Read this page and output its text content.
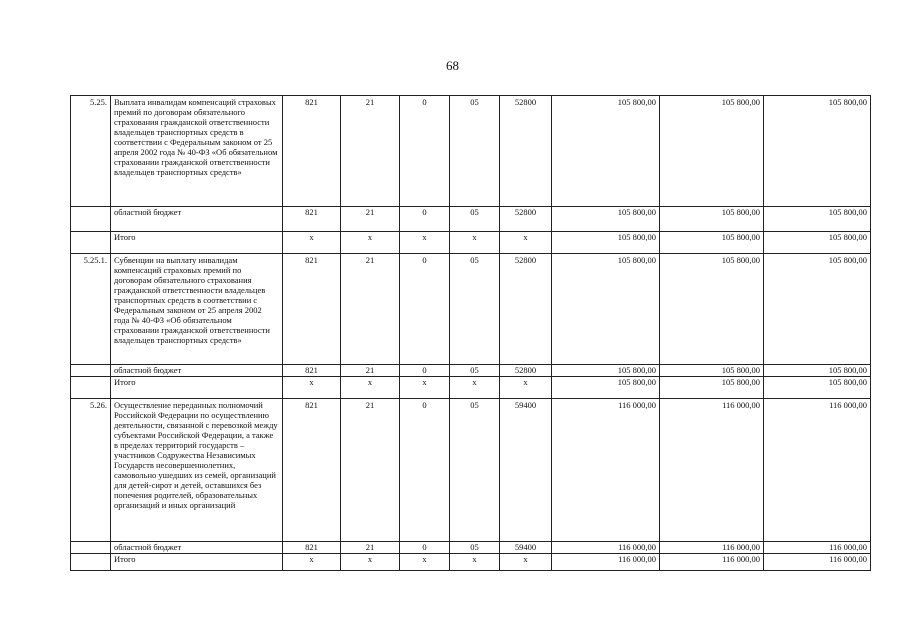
68
5.25.	Выплата инвалидам компенсаций страховых премий по договорам обязательного страхования гражданской ответственности владельцев транспортных средств в соответствии с Федеральным законом от 25 апреля 2002 года № 40-ФЗ «Об обязательном страховании гражданской ответственности владельцев транспортных средств»	821	21	0	05	52800	105 800,00	105 800,00	105 800,00
	областной бюджет	821	21	0	05	52800	105 800,00	105 800,00	105 800,00
	Итого	х	х	х	х	х	105 800,00	105 800,00	105 800,00
5.25.1.	Субвенции на выплату инвалидам компенсаций страховых премий по договорам обязательного страхования гражданской ответственности владельцев транспортных средств в соответствии с Федеральным законом от 25 апреля 2002 года № 40-ФЗ «Об обязательном страховании гражданской ответственности владельцев транспортных средств»	821	21	0	05	52800	105 800,00	105 800,00	105 800,00
	областной бюджет	821	21	0	05	52800	105 800,00	105 800,00	105 800,00
	Итого	х	х	х	х	х	105 800,00	105 800,00	105 800,00
5.26.	Осуществление переданных полномочий Российской Федерации по осуществлению деятельности, связанной с перевозкой между субъектами Российской Федерации, а также в пределах территорий государств – участников Содружества Независимых Государств несовершеннолетних, самовольно ушедших из семей, организаций для детей-сирот и детей, оставшихся без попечения родителей, образовательных организаций и иных организаций	821	21	0	05	59400	116 000,00	116 000,00	116 000,00
	областной бюджет	821	21	0	05	59400	116 000,00	116 000,00	116 000,00
	Итого	х	х	х	х	х	116 000,00	116 000,00	116 000,00
